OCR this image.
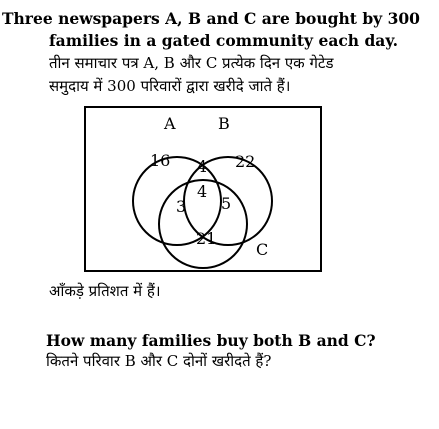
Three newspapers A, B and C are bought by 300
families in a gated community each day.
तीन समाचार पत्र A, B और C प्रत्येक दिन एक गेटेड
समुदाय में 300 परिवारों द्वारा खरीदे जाते हैं।
A	B
C
16	22
21
4
4
3 5
आँकड़े प्रतिशत में हैं।
How many families buy both B and C?
कितने परिवार B और C दोनों खरीदते हैं?
